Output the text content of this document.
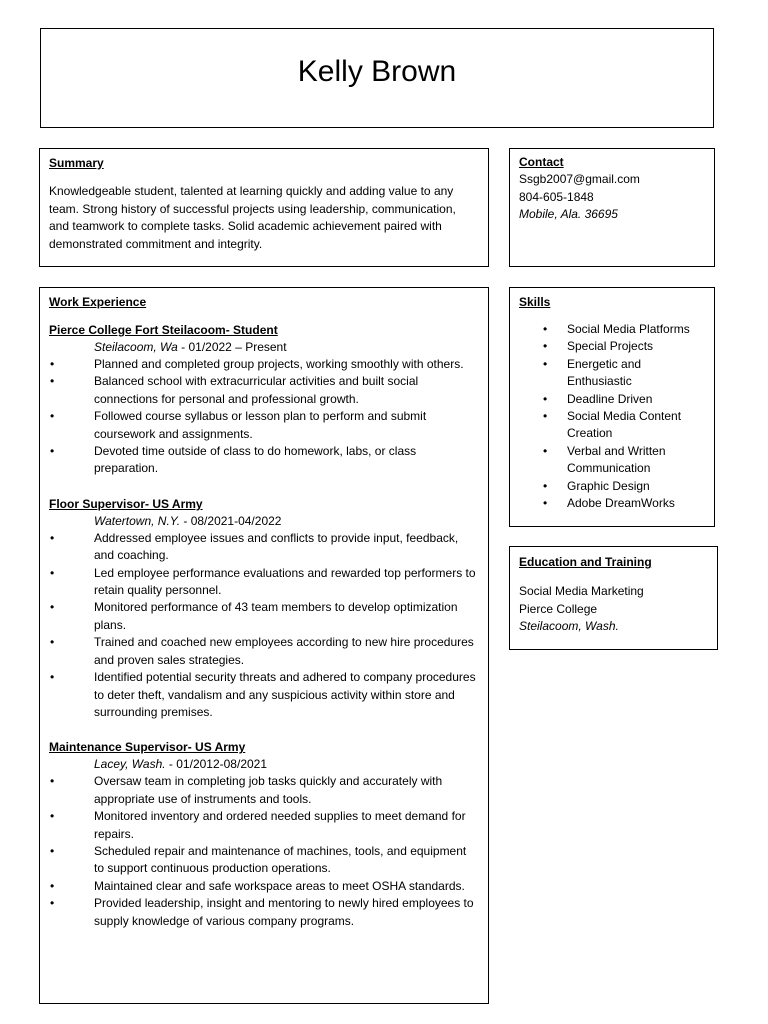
Kelly Brown

Summary

Knowledgeable student, talented at learning quickly and adding value to any team. Strong history of successful projects using leadership, communication, and teamwork to complete tasks. Solid academic achievement paired with demonstrated commitment and integrity.

Contact

Ssgb2007@gmail.com
804-605-1848
Mobile, Ala. 36695

Work Experience

Pierce College Fort Steilacoom- Student
Steilacoom, Wa - 01/2022 – Present
• Planned and completed group projects, working smoothly with others.
• Balanced school with extracurricular activities and built social connections for personal and professional growth.
• Followed course syllabus or lesson plan to perform and submit coursework and assignments.
• Devoted time outside of class to do homework, labs, or class preparation.
Floor Supervisor- US Army
Watertown, N.Y. - 08/2021-04/2022
• Addressed employee issues and conflicts to provide input, feedback, and coaching.
• Led employee performance evaluations and rewarded top performers to retain quality personnel.
• Monitored performance of 43 team members to develop optimization plans.
• Trained and coached new employees according to new hire procedures and proven sales strategies.
• Identified potential security threats and adhered to company procedures to deter theft, vandalism and any suspicious activity within store and surrounding premises.
Maintenance Supervisor- US Army
Lacey, Wash. - 01/2012-08/2021
• Oversaw team in completing job tasks quickly and accurately with appropriate use of instruments and tools.
• Monitored inventory and ordered needed supplies to meet demand for repairs.
• Scheduled repair and maintenance of machines, tools, and equipment to support continuous production operations.
• Maintained clear and safe workspace areas to meet OSHA standards.
• Provided leadership, insight and mentoring to newly hired employees to supply knowledge of various company programs.

Skills

• Social Media Platforms
• Special Projects
• Energetic and Enthusiastic
• Deadline Driven
• Social Media Content Creation
• Verbal and Written Communication
• Graphic Design
• Adobe DreamWorks

Education and Training

Social Media Marketing
Pierce College
Steilacoom, Wash.
